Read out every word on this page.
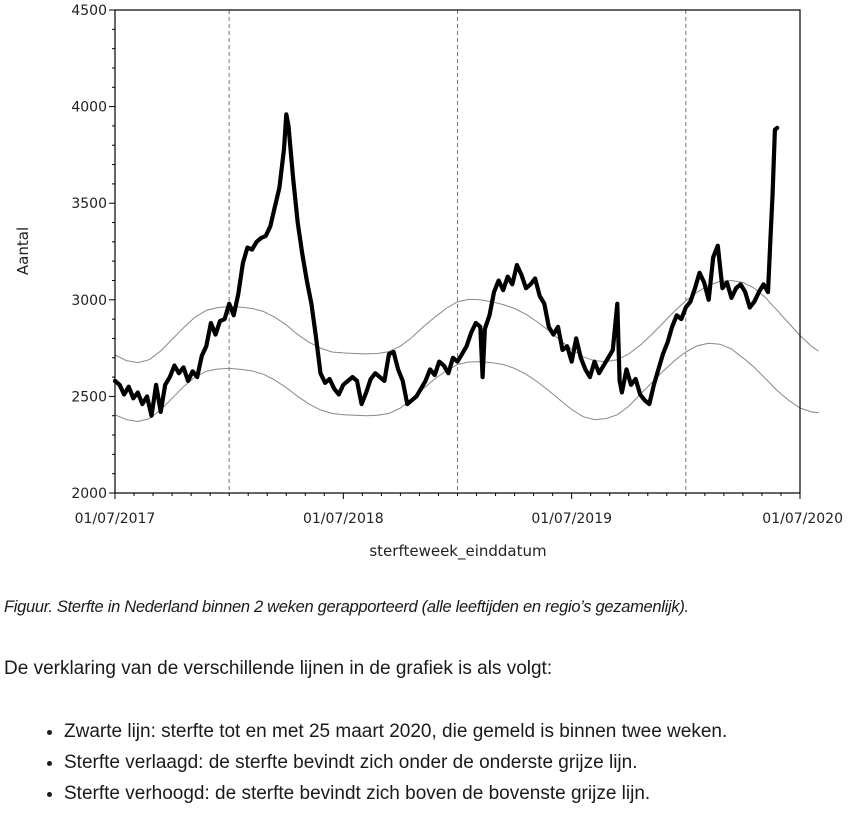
2000
2500
3000
3500
4000
4500
01/07/2017	01/07/2018	01/07/2019	01/07/2020
Aantal
sterfteweek_einddatum

Figuur. Sterfte in Nederland binnen 2 weken gerapporteerd (alle leeftijden en regio’s gezamenlijk).

De verklaring van de verschillende lijnen in de grafiek is als volgt:

• Zwarte lijn: sterfte tot en met 25 maart 2020, die gemeld is binnen twee weken.
• Sterfte verlaagd: de sterfte bevindt zich onder de onderste grijze lijn.
• Sterfte verhoogd: de sterfte bevindt zich boven de bovenste grijze lijn.
